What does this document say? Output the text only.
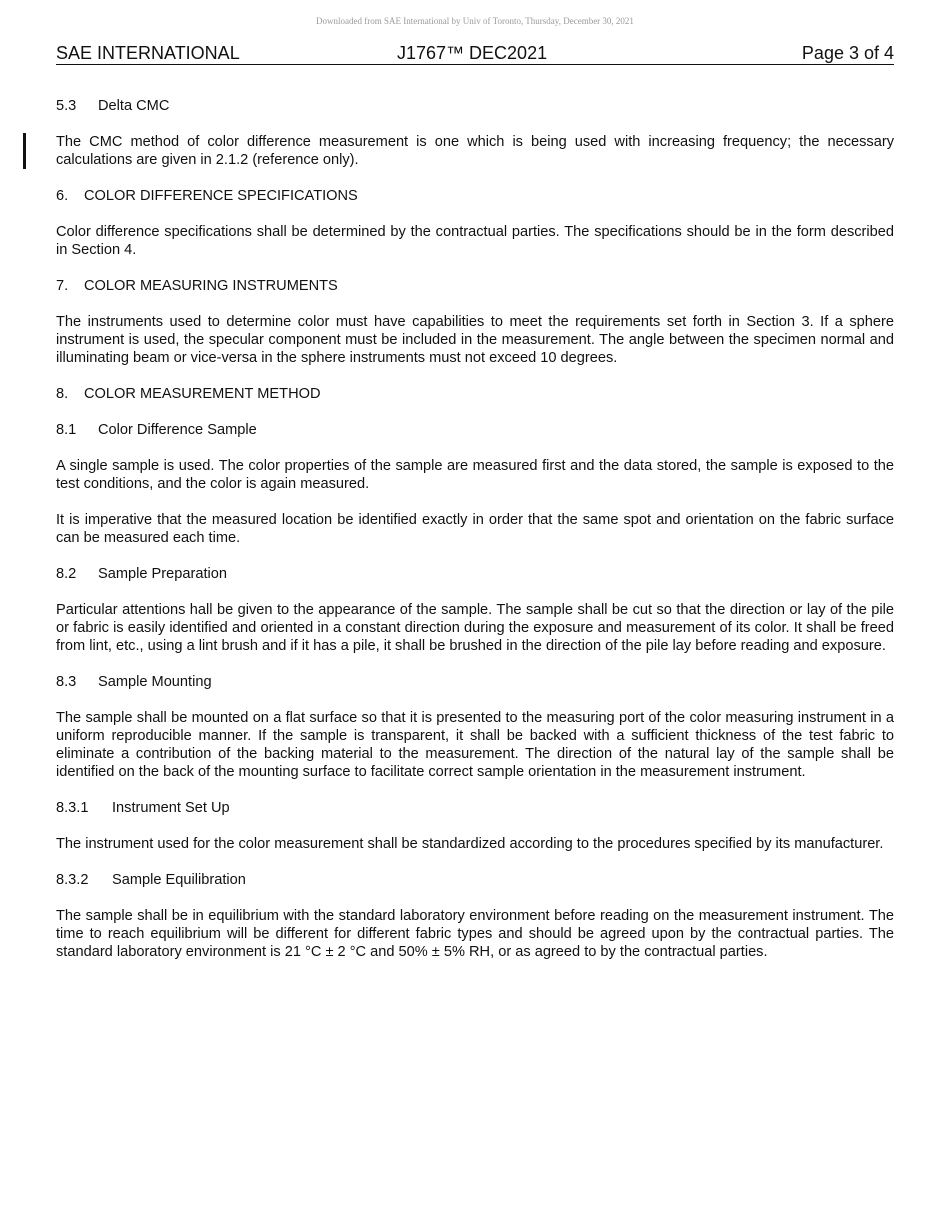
Downloaded from SAE International by Univ of Toronto, Thursday, December 30, 2021
SAE INTERNATIONAL	J1767™ DEC2021	Page 3 of 4
5.3 Delta CMC

The CMC method of color difference measurement is one which is being used with increasing frequency; the necessary calculations are given in 2.1.2 (reference only).

6. COLOR DIFFERENCE SPECIFICATIONS

Color difference specifications shall be determined by the contractual parties. The specifications should be in the form described in Section 4.

7. COLOR MEASURING INSTRUMENTS

The instruments used to determine color must have capabilities to meet the requirements set forth in Section 3. If a sphere instrument is used, the specular component must be included in the measurement. The angle between the specimen normal and illuminating beam or vice-versa in the sphere instruments must not exceed 10 degrees.

8. COLOR MEASUREMENT METHOD
8.1 Color Difference Sample

A single sample is used. The color properties of the sample are measured first and the data stored, the sample is exposed to the test conditions, and the color is again measured.

It is imperative that the measured location be identified exactly in order that the same spot and orientation on the fabric surface can be measured each time.

8.2 Sample Preparation

Particular attentions hall be given to the appearance of the sample. The sample shall be cut so that the direction or lay of the pile or fabric is easily identified and oriented in a constant direction during the exposure and measurement of its color. It shall be freed from lint, etc., using a lint brush and if it has a pile, it shall be brushed in the direction of the pile lay before reading and exposure.

8.3 Sample Mounting

The sample shall be mounted on a flat surface so that it is presented to the measuring port of the color measuring instrument in a uniform reproducible manner. If the sample is transparent, it shall be backed with a sufficient thickness of the test fabric to eliminate a contribution of the backing material to the measurement. The direction of the natural lay of the sample shall be identified on the back of the mounting surface to facilitate correct sample orientation in the measurement instrument.

8.3.1 Instrument Set Up

The instrument used for the color measurement shall be standardized according to the procedures specified by its manufacturer.

8.3.2 Sample Equilibration

The sample shall be in equilibrium with the standard laboratory environment before reading on the measurement instrument. The time to reach equilibrium will be different for different fabric types and should be agreed upon by the contractual parties. The standard laboratory environment is 21 °C ± 2 °C and 50% ± 5% RH, or as agreed to by the contractual parties.
